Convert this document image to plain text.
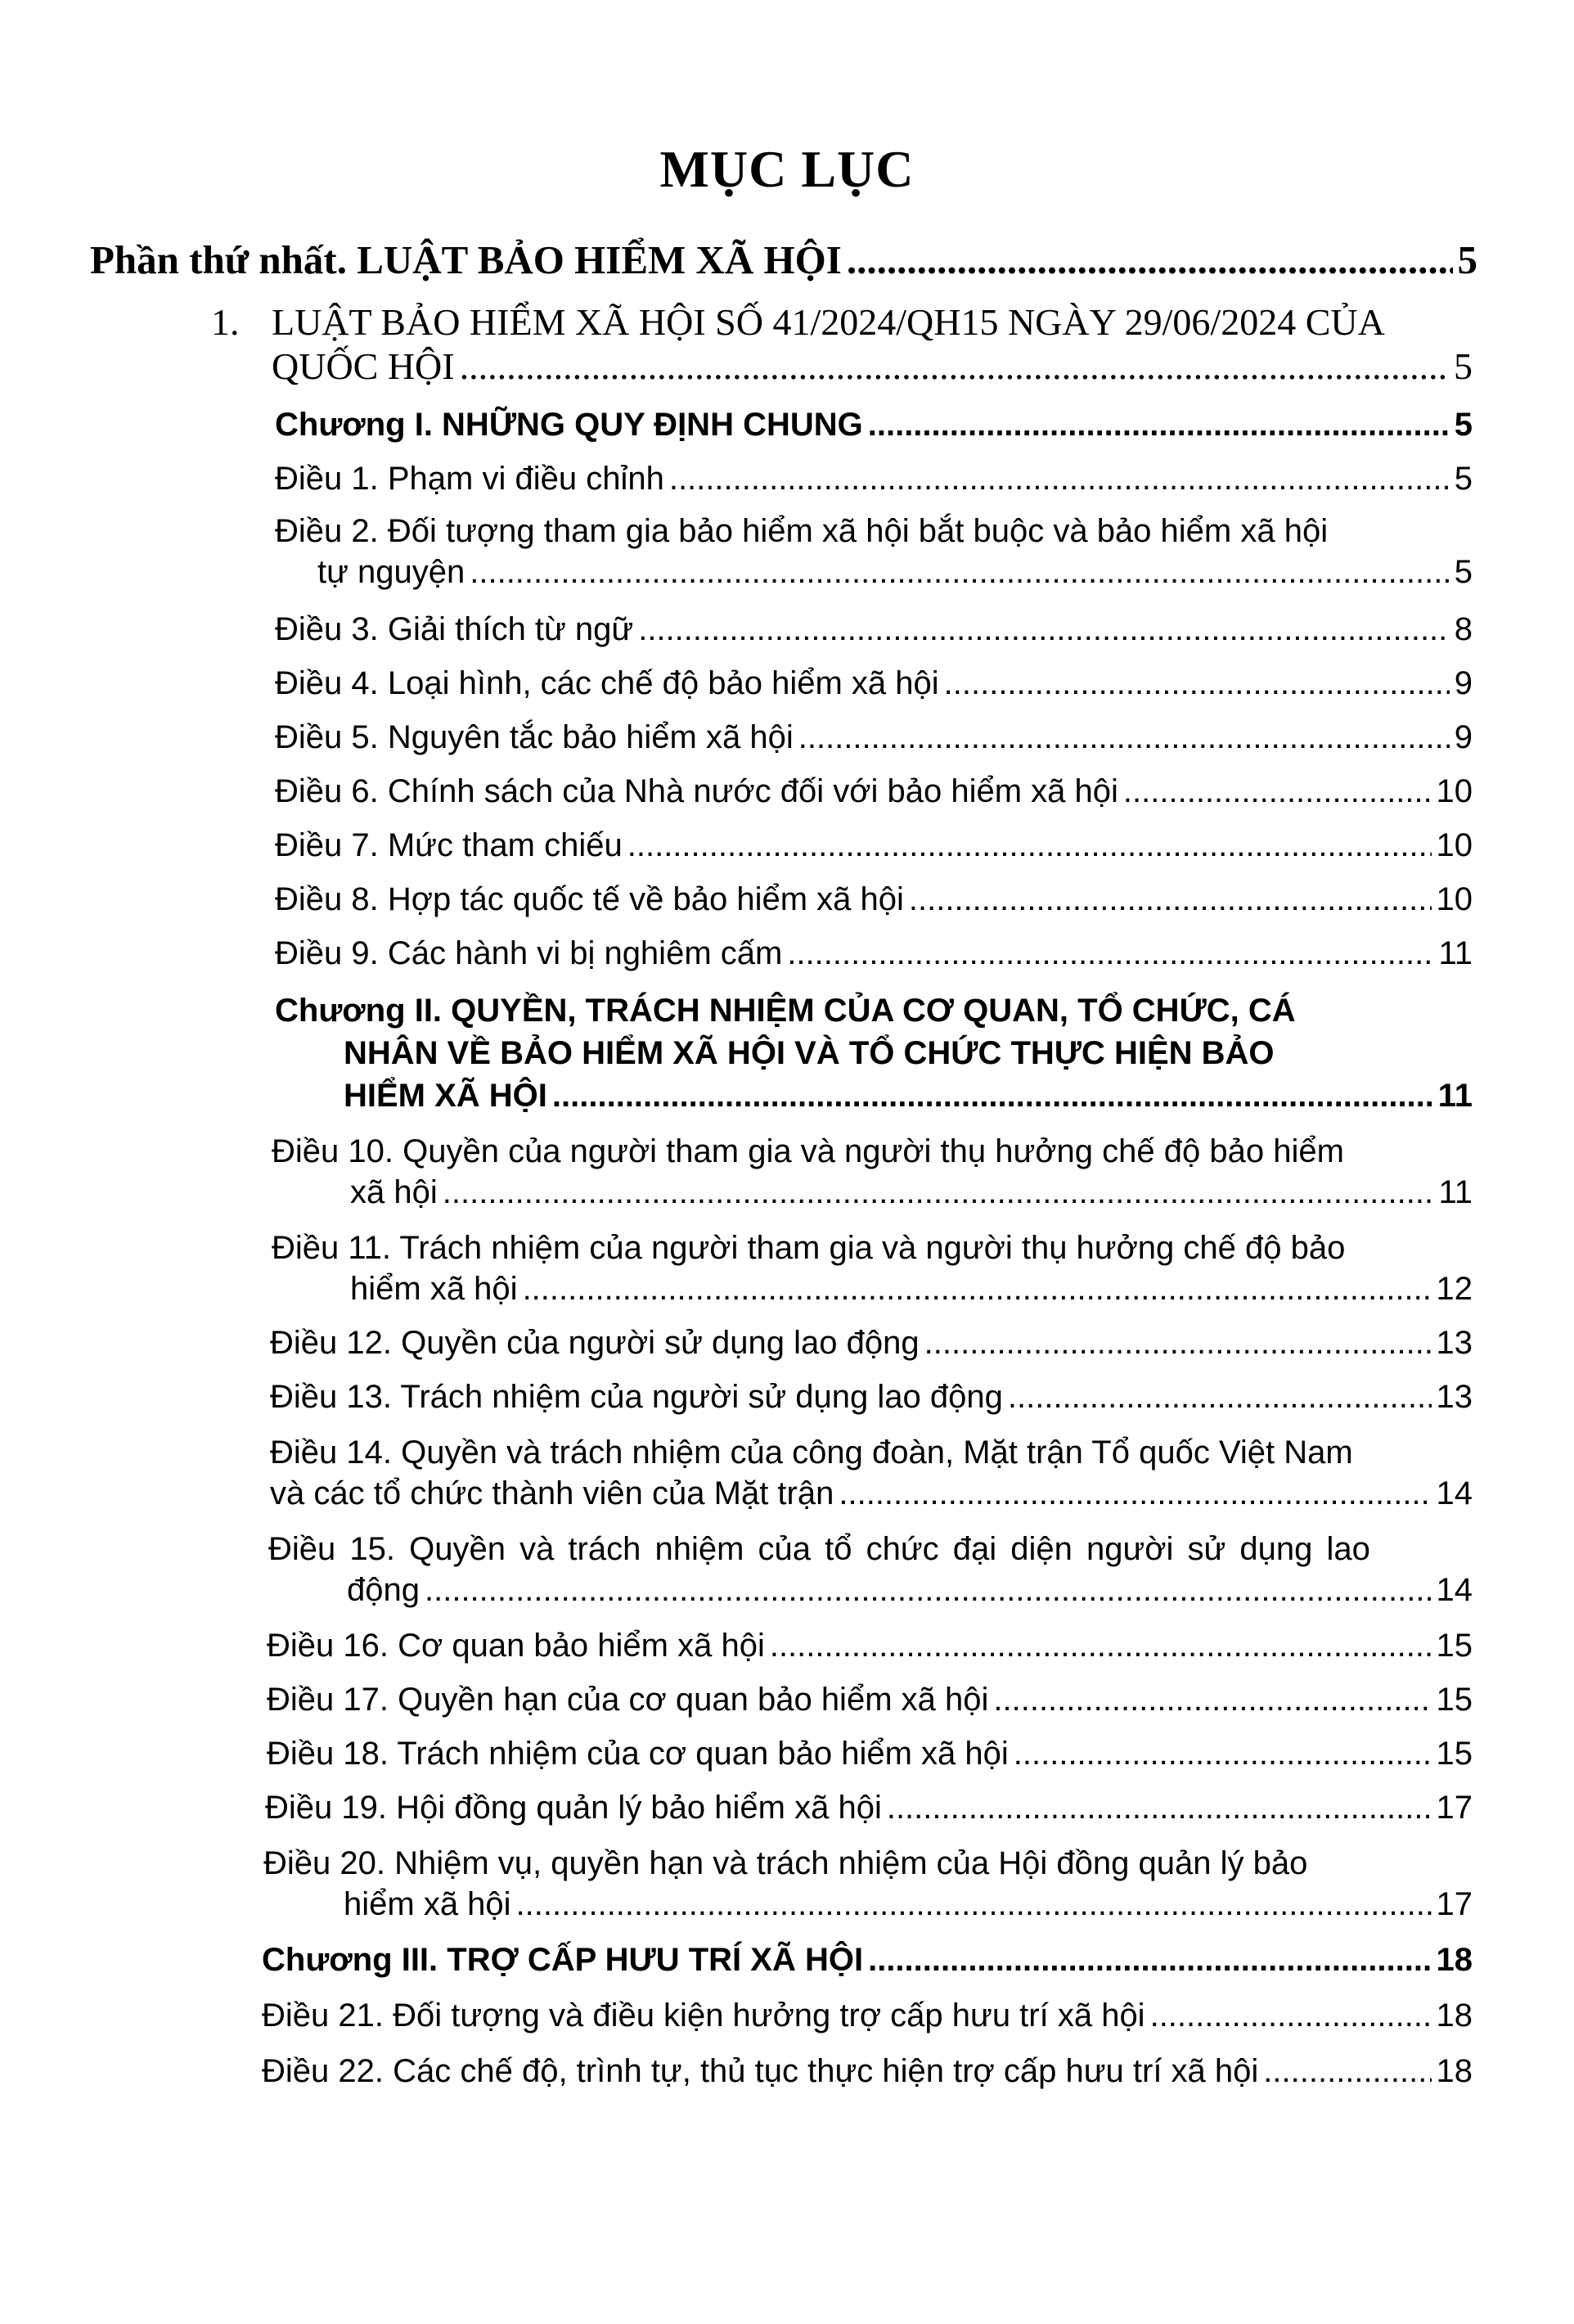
MỤC LỤC
Phần thứ nhất. LUẬT BẢO HIỂM XÃ HỘI .....	5
1. LUẬT BẢO HIỂM XÃ HỘI SỐ 41/2024/QH15 NGÀY 29/06/2024 CỦA
QUỐC HỘI .....	5
Chương I. NHỮNG QUY ĐỊNH CHUNG .....	5
Điều 1. Phạm vi điều chỉnh .....	5
Điều 2. Đối tượng tham gia bảo hiểm xã hội bắt buộc và bảo hiểm xã hội
tự nguyện .....	5
Điều 3. Giải thích từ ngữ .....	8
Điều 4. Loại hình, các chế độ bảo hiểm xã hội .....	9
Điều 5. Nguyên tắc bảo hiểm xã hội .....	9
Điều 6. Chính sách của Nhà nước đối với bảo hiểm xã hội .....	10
Điều 7. Mức tham chiếu .....	10
Điều 8. Hợp tác quốc tế về bảo hiểm xã hội .....	10
Điều 9. Các hành vi bị nghiêm cấm .....	11
Chương II. QUYỀN, TRÁCH NHIỆM CỦA CƠ QUAN, TỔ CHỨC, CÁ
NHÂN VỀ BẢO HIỂM XÃ HỘI VÀ TỔ CHỨC THỰC HIỆN BẢO
HIỂM XÃ HỘI .....	11
Điều 10. Quyền của người tham gia và người thụ hưởng chế độ bảo hiểm
xã hội .....	11
Điều 11. Trách nhiệm của người tham gia và người thụ hưởng chế độ bảo
hiểm xã hội .....	12
Điều 12. Quyền của người sử dụng lao động .....	13
Điều 13. Trách nhiệm của người sử dụng lao động .....	13
Điều 14. Quyền và trách nhiệm của công đoàn, Mặt trận Tổ quốc Việt Nam
và các tổ chức thành viên của Mặt trận .....	14
Điều 15. Quyền và trách nhiệm của tổ chức đại diện người sử dụng lao
động .....	14
Điều 16. Cơ quan bảo hiểm xã hội .....	15
Điều 17. Quyền hạn của cơ quan bảo hiểm xã hội .....	15
Điều 18. Trách nhiệm của cơ quan bảo hiểm xã hội .....	15
Điều 19. Hội đồng quản lý bảo hiểm xã hội .....	17
Điều 20. Nhiệm vụ, quyền hạn và trách nhiệm của Hội đồng quản lý bảo
hiểm xã hội .....	17
Chương III. TRỢ CẤP HƯU TRÍ XÃ HỘI .....	18
Điều 21. Đối tượng và điều kiện hưởng trợ cấp hưu trí xã hội .....	18
Điều 22. Các chế độ, trình tự, thủ tục thực hiện trợ cấp hưu trí xã hội .....	18
